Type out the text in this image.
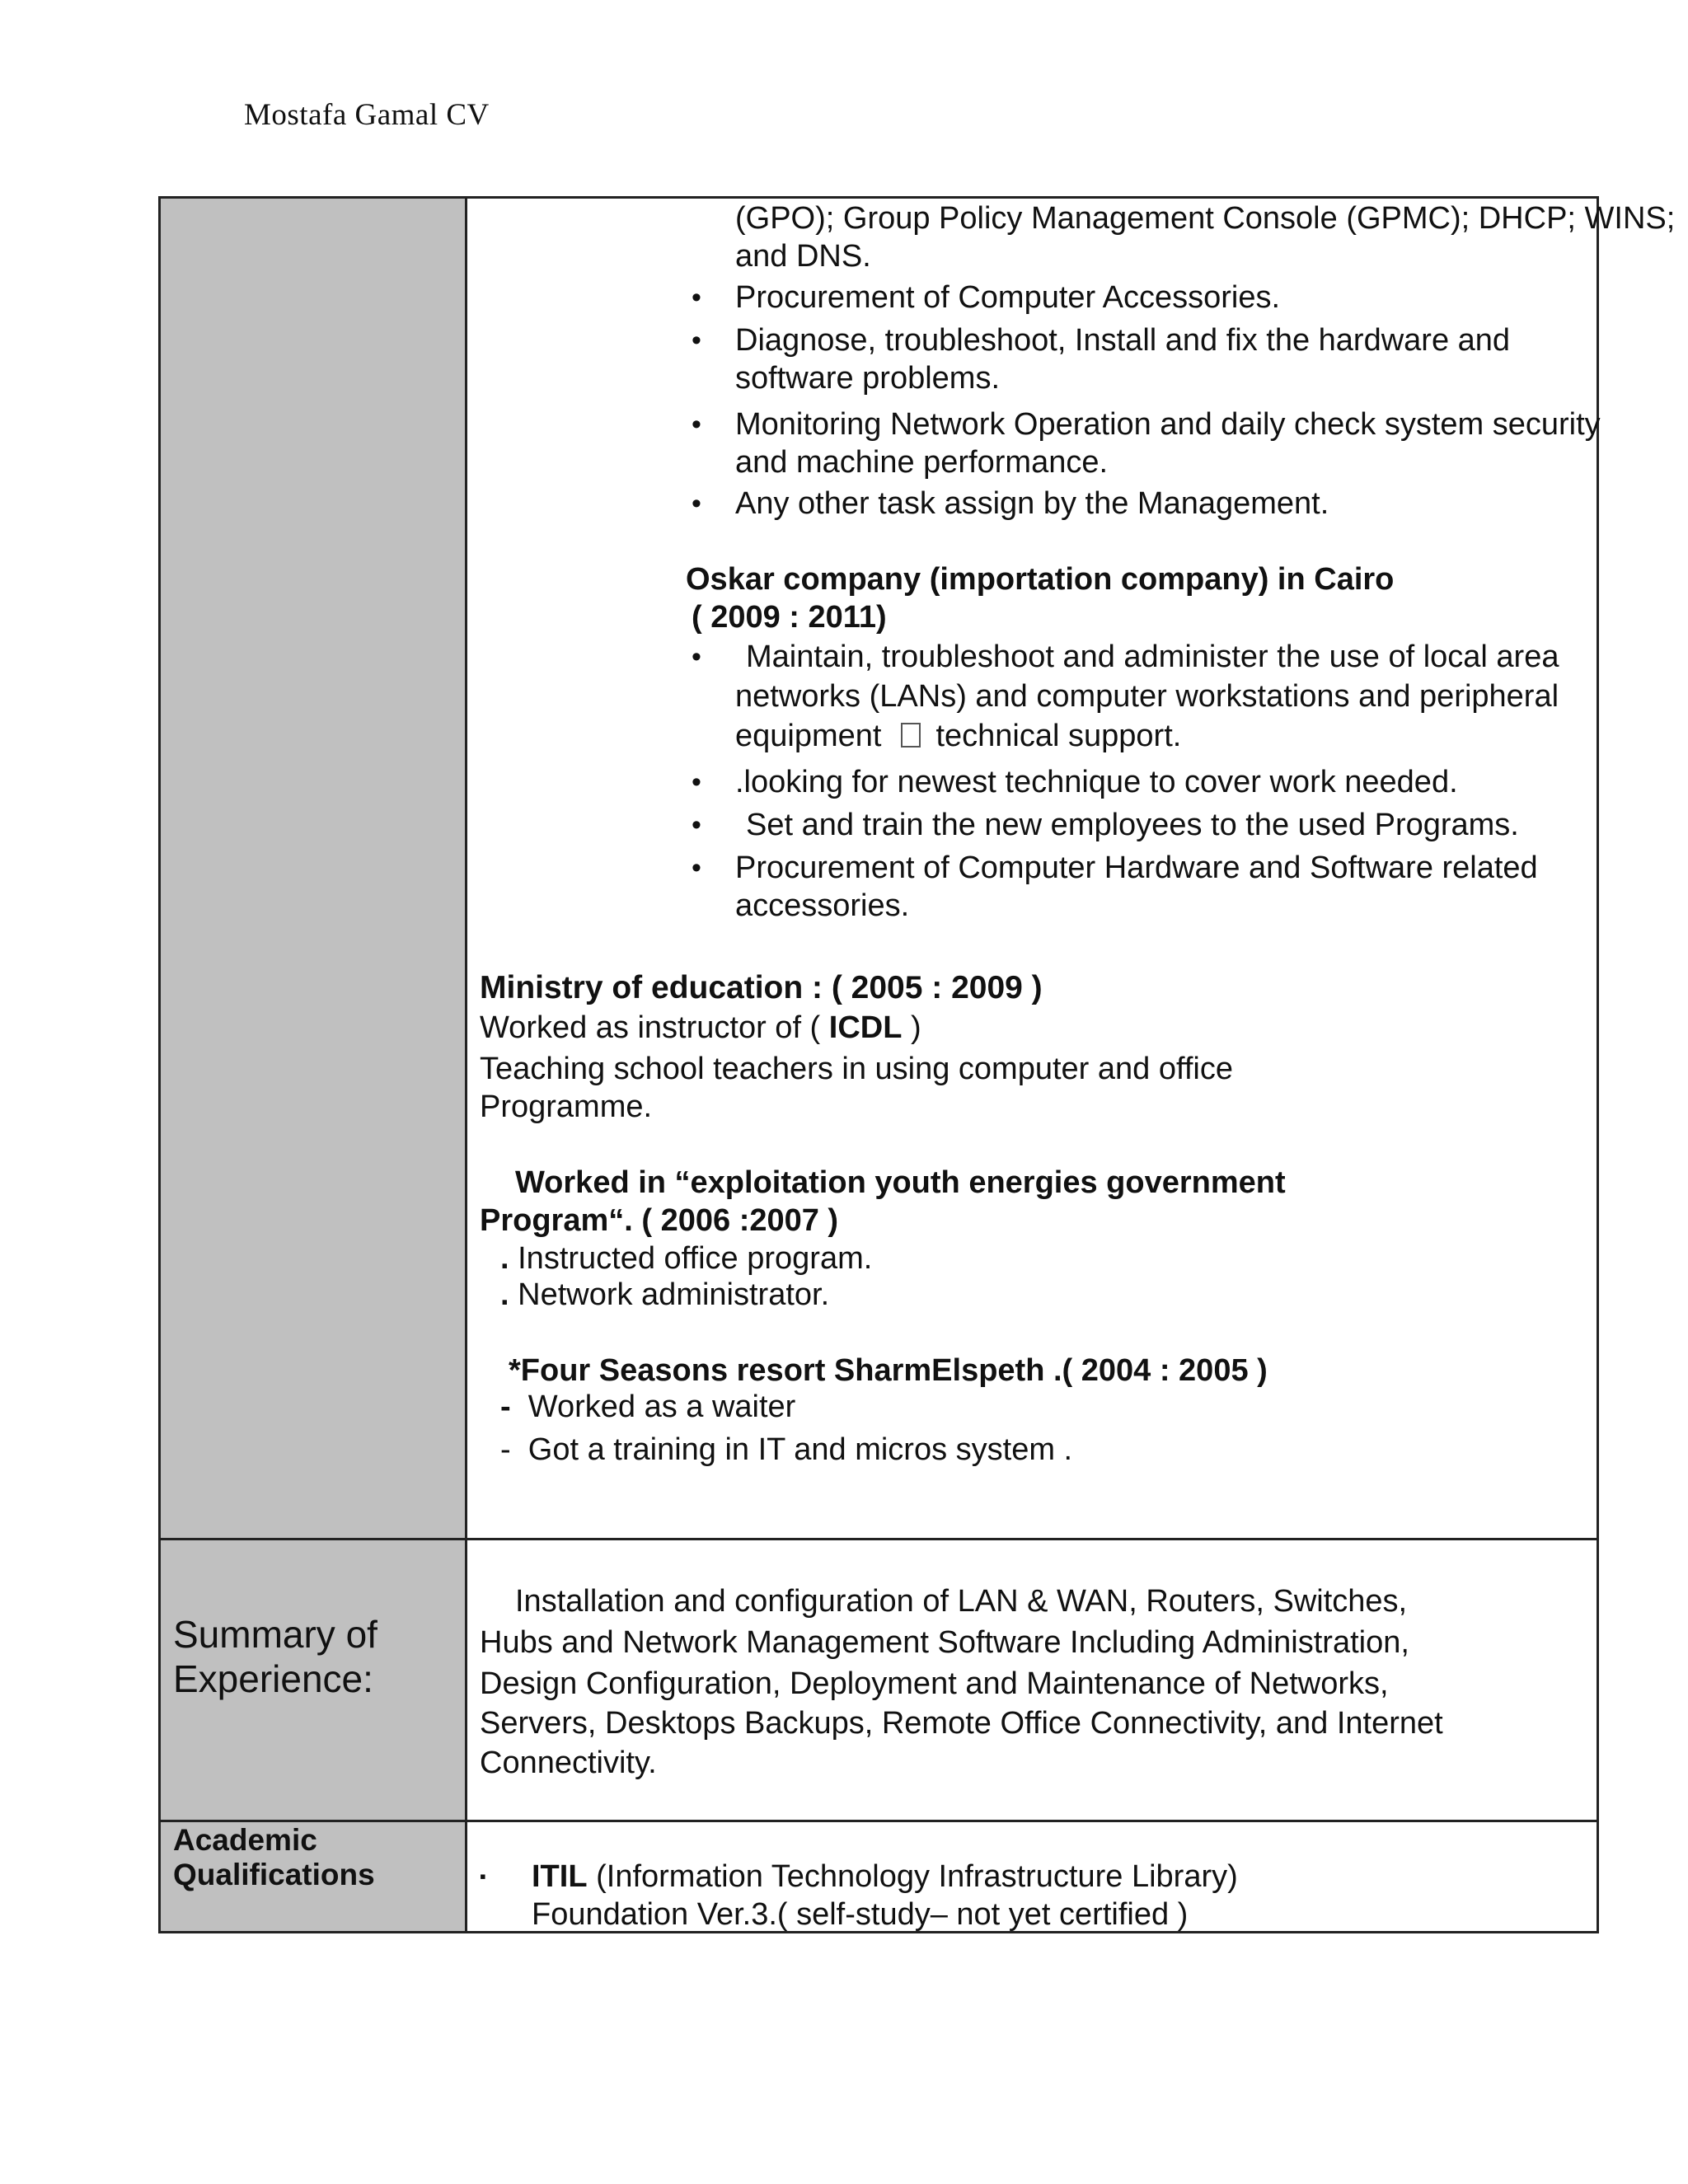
Mostafa Gamal CV
(GPO); Group Policy Management Console (GPMC); DHCP; WINS;
and DNS.
• Procurement of Computer Accessories.
• Diagnose, troubleshoot, Install and fix the hardware and
software problems.
• Monitoring Network Operation and daily check system security
and machine performance.
• Any other task assign by the Management.
Oskar company (importation company) in Cairo
( 2009 : 2011)
• Maintain, troubleshoot and administer the use of local area
networks (LANs) and computer workstations and peripheral
equipment technical support.
• .looking for newest technique to cover work needed.
• Set and train the new employees to the used Programs.
• Procurement of Computer Hardware and Software related
accessories.
Ministry of education : ( 2005 : 2009 )
Worked as instructor of ( ICDL )
Teaching school teachers in using computer and office
Programme.
Worked in “exploitation youth energies government
Program“. ( 2006 :2007 )
. Instructed office program.
. Network administrator.
*Four Seasons resort SharmElspeth .( 2004 : 2005 )
- Worked as a waiter
- Got a training in IT and micros system .
Summary of
Experience:
Installation and configuration of LAN & WAN, Routers, Switches,
Hubs and Network Management Software Including Administration,
Design Configuration, Deployment and Maintenance of Networks,
Servers, Desktops Backups, Remote Office Connectivity, and Internet
Connectivity.
Academic
Qualifications	▪ ITIL (Information Technology Infrastructure Library)
Foundation Ver.3.( self-study– not yet certified )
